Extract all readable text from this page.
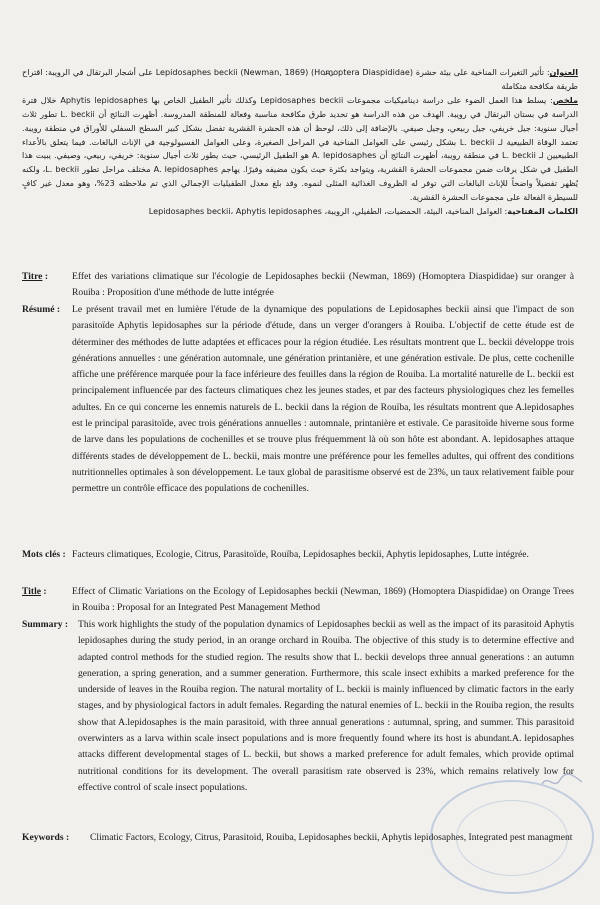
العنوان: تأثير التغيرات المناخية على بيئة حشرة Lepidosaphes beckii (Newman, 1869) (Homoptera Diaspididae) على أشجار البرتقال في الرويبة: اقتراح طريقة مكافحة متكاملة

ملخص: يسلط هذا العمل الضوء على دراسة ديناميكيات مجموعات Lepidosaphes beckii وكذلك تأثير الطفيل الخاص بها Aphytis lepidosaphes خلال فترة الدراسة في بستان البرتقال في رويبة. الهدف من هذه الدراسة هو تحديد طرق مكافحة مناسبة وفعالة للمنطقة المدروسة. أظهرت النتائج أن L. beckii تطور ثلاث أجيال سنوية: جيل خريفي، جيل ربيعي، وجيل صيفي. بالإضافة إلى ذلك، لوحظ أن هذه الحشرة القشرية تفضل بشكل كبير السطح السفلي للأوراق في منطقة رويبة. تعتمد الوفاة الطبيعية لـ L. beckii بشكل رئيسي على العوامل المناخية في المراحل الصغيرة، وعلى العوامل الفسيولوجية في الإناث البالغات. فيما يتعلق بالأعداء الطبيعيين لـ L. beckii في منطقة رويبة، أظهرت النتائج أن A. lepidosaphes هو الطفيل الرئيسي، حيث يطور ثلاث أجيال سنوية: خريفي، ربيعي، وصيفي. يبيت هذا الطفيل في شكل يرقات ضمن مجموعات الحشرة القشرية، ويتواجد بكثرة حيث يكون مضيفه وفيرًا. يهاجم A. lepidosaphes مختلف مراحل تطور L. beckii، ولكنه يُظهر تفضيلاً واضحاً للإناث البالغات التي توفر له الظروف الغذائية المثلى لنموه. وقد بلغ معدل الطفيليات الإجمالي الذي تم ملاحظته 23%، وهو معدل غير كافٍ للسيطرة الفعالة على مجموعات الحشرة القشرية.

الكلمات المفتاحية: العوامل المناخية، البيئة، الحمضيات، الطفيلي، الرويبة، Lepidosaphes beckii، Aphytis lepidosaphes

Titre :	Effet des variations climatique sur l'écologie de Lepidosaphes beckii (Newman, 1869) (Homoptera Diaspididae) sur oranger à Rouiba : Proposition d'une méthode de lutte intégrée
Résumé :	Le présent travail met en lumière l'étude de la dynamique des populations de Lepidosaphes beckii ainsi que l'impact de son parasitoïde Aphytis lepidosaphes sur la période d'étude, dans un verger d'orangers à Rouiba. L'objectif de cette étude est de déterminer des méthodes de lutte adaptées et efficaces pour la région étudiée. Les résultats montrent que L. beckii développe trois générations annuelles : une génération automnale, une génération printanière, et une génération estivale. De plus, cette cochenille affiche une préférence marquée pour la face inférieure des feuilles dans la région de Rouiba. La mortalité naturelle de L. beckii est principalement influencée par des facteurs climatiques chez les jeunes stades, et par des facteurs physiologiques chez les femelles adultes. En ce qui concerne les ennemis naturels de L. beckii dans la région de Rouïba, les résultats montrent que A.lepidosaphes est le principal parasitoïde, avec trois générations annuelles : automnale, printanière et estivale. Ce parasitoïde hiverne sous forme de larve dans les populations de cochenilles et se trouve plus fréquemment là où son hôte est abondant. A. lepidosaphes attaque différents stades de développement de L. beckii, mais montre une préférence pour les femelles adultes, qui offrent des conditions nutritionnelles optimales à son développement. Le taux global de parasitisme observé est de 23%, un taux relativement faible pour permettre un contrôle efficace des populations de cochenilles.
Mots clés : Facteurs climatiques, Ecologie, Citrus, Parasitoïde, Rouïba, Lepidosaphes beckii, Aphytis lepidosaphes, Lutte intégrée.
Title :	Effect of Climatic Variations on the Ecology of Lepidosaphes beckii (Newman, 1869) (Homoptera Diaspididae) on Orange Trees in Rouiba : Proposal for an Integrated Pest Management Method
Summary :	This work highlights the study of the population dynamics of Lepidosaphes beckii as well as the impact of its parasitoid Aphytis lepidosaphes during the study period, in an orange orchard in Rouiba. The objective of this study is to determine effective and adapted control methods for the studied region. The results show that L. beckii develops three annual generations : an autumn generation, a spring generation, and a summer generation. Furthermore, this scale insect exhibits a marked preference for the underside of leaves in the Rouiba region. The natural mortality of L. beckii is mainly influenced by climatic factors in the early stages, and by physiological factors in adult females. Regarding the natural enemies of L. beckii in the Rouiba region, the results show that A.lepidosaphes is the main parasitoid, with three annual generations : autumnal, spring, and summer. This parasitoid overwinters as a larva within scale insect populations and is more frequently found where its host is abundant.A. lepidosaphes attacks different developmental stages of L. beckii, but shows a marked preference for adult females, which provide optimal nutritional conditions for its development. The overall parasitism rate observed is 23%, which remains relatively low for effective control of scale insect populations.
Keywords :	Climatic Factors, Ecology, Citrus, Parasitoid, Rouiba, Lepidosaphes beckii, Aphytis lepidosaphes, Integrated pest managment
